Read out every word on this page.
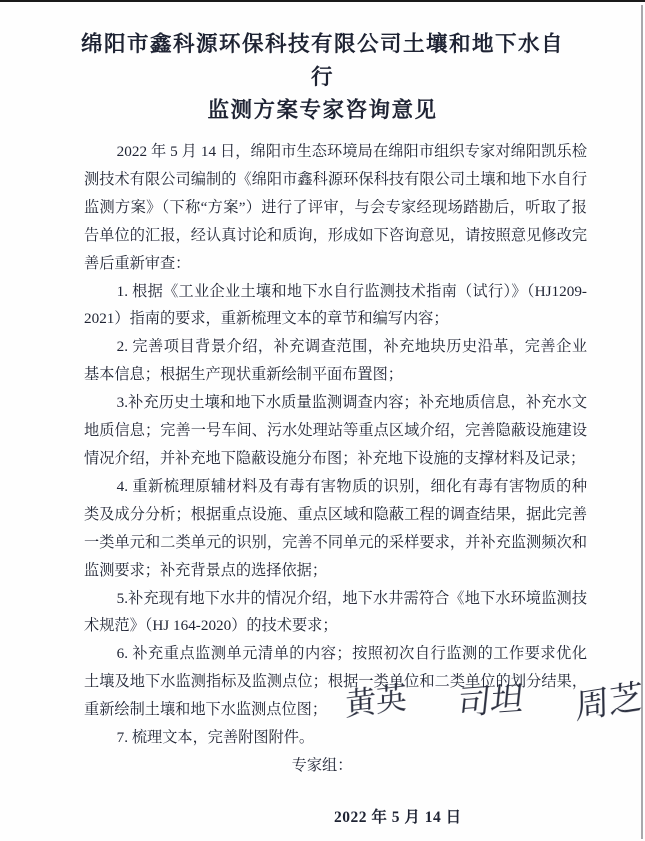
绵阳市鑫科源环保科技有限公司土壤和地下水自行
监测方案专家咨询意见

2022 年 5 月 14 日，绵阳市生态环境局在绵阳市组织专家对绵阳凯乐检测技术有限公司编制的《绵阳市鑫科源环保科技有限公司土壤和地下水自行监测方案》（下称“方案”）进行了评审，与会专家经现场踏勘后，听取了报告单位的汇报，经认真讨论和质询，形成如下咨询意见，请按照意见修改完善后重新审查：

1. 根据《工业企业土壤和地下水自行监测技术指南（试行）》（HJ1209-2021）指南的要求，重新梳理文本的章节和编写内容；

2. 完善项目背景介绍，补充调查范围，补充地块历史沿革，完善企业基本信息；根据生产现状重新绘制平面布置图；

3.补充历史土壤和地下水质量监测调查内容；补充地质信息，补充水文地质信息；完善一号车间、污水处理站等重点区域介绍，完善隐蔽设施建设情况介绍，并补充地下隐蔽设施分布图；补充地下设施的支撑材料及记录；

4. 重新梳理原辅材料及有毒有害物质的识别，细化有毒有害物质的种类及成分分析；根据重点设施、重点区域和隐蔽工程的调查结果，据此完善一类单元和二类单元的识别，完善不同单元的采样要求，并补充监测频次和监测要求；补充背景点的选择依据；

5.补充现有地下水井的情况介绍，地下水井需符合《地下水环境监测技术规范》（HJ 164-2020）的技术要求；

6. 补充重点监测单元清单的内容；按照初次自行监测的工作要求优化土壤及地下水监测指标及监测点位；根据一类单位和二类单位的划分结果，重新绘制土壤和地下水监测点位图；

7. 梳理文本，完善附图附件。

专家组：

2022 年 5 月 14 日
黄英 司坦 周芝
